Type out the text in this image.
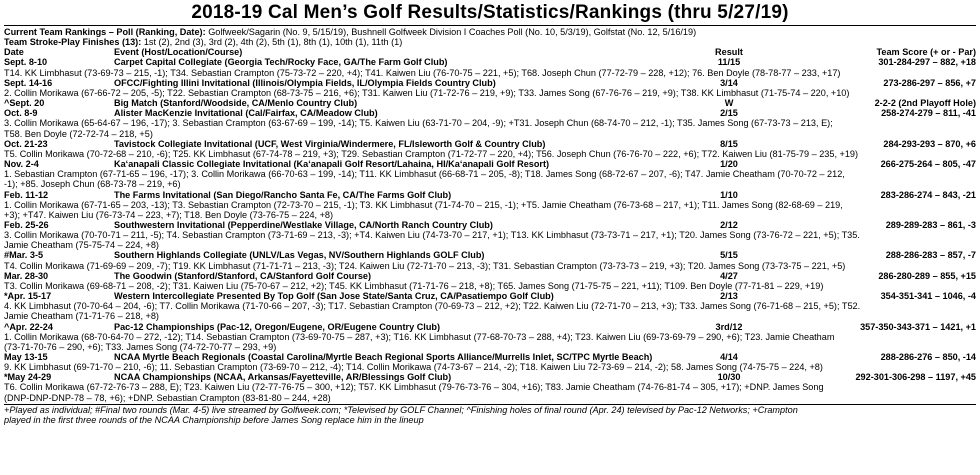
2018-19 Cal Men’s Golf Results/Statistics/Rankings (thru 5/27/19)
Current Team Rankings – Poll (Ranking, Date): Golfweek/Sagarin (No. 9, 5/15/19), Bushnell Golfweek Division I Coaches Poll (No. 10, 5/3/19), Golfstat (No. 12, 5/16/19)
Team Stroke-Play Finishes (13): 1st (2), 2nd (3), 3rd (2), 4th (2), 5th (1), 8th (1), 10th (1), 11th (1)
Date	Event (Host/Location/Course)	Result	Team Score (+ or - Par)
Sept. 8-10	Carpet Capital Collegiate (Georgia Tech/Rocky Face, GA/The Farm Golf Club)	11/15	301-284-297 – 882, +18
T14. KK Limbhasut (73-69-73 – 215, -1); T34. Sebastian Crampton (75-73-72 – 220, +4); T41. Kaiwen Liu (76-70-75 – 221, +5); T68. Joseph Chun (77-72-79 – 228, +12); 76. Ben Doyle (78-78-77 – 233, +17)
Sept. 14-16	OFCC/Fighting Illini Invitational (Illinois/Olympia Fields, IL/Olympia Fields Country Club)	3/14	273-286-297 – 856, +7
2. Collin Morikawa (67-66-72 – 205, -5); T22. Sebastian Crampton (68-73-75 – 216, +6); T31. Kaiwen Liu (71-72-76 – 219, +9); T33. James Song (67-76-76 – 219, +9); T38. KK Limbhasut (71-75-74 – 220, +10)
^Sept. 20	Big Match (Stanford/Woodside, CA/Menlo Country Club)	W	2-2-2 (2nd Playoff Hole)
Oct. 8-9	Alister MacKenzie Invitational (Cal/Fairfax, CA/Meadow Club)	2/15	258-274-279 – 811, -41
3. Collin Morikawa (65-64-67 – 196, -17); 3. Sebastian Crampton (63-67-69 – 199, -14); T5. Kaiwen Liu (63-71-70 – 204, -9); +T31. Joseph Chun (68-74-70 – 212, -1); T35. James Song (67-73-73 – 213, E);
T58. Ben Doyle (72-72-74 – 218, +5)
Oct. 21-23	Tavistock Collegiate Invitational (UCF, West Virginia/Windermere, FL/Isleworth Golf & Country Club)	8/15	284-293-293 – 870, +6
T5. Collin Morikawa (70-72-68 – 210, -6); T25. KK Limbhasut (67-74-78 – 219, +3); T29. Sebastian Crampton (71-72-77 – 220, +4); T56. Joseph Chun (76-76-70 – 222, +6); T72. Kaiwen Liu (81-75-79 – 235, +19)
Nov. 2-4	Ka‘anapali Classic Collegiate Invitational (Ka‘anapali Golf Resort/Lahaina, HI/Ka‘anapali Golf Resort)	1/20	266-275-264 – 805, -47
1. Sebastian Crampton (67-71-65 – 196, -17); 3. Collin Morikawa (66-70-63 – 199, -14); T11. KK Limbhasut (66-68-71 – 205, -8); T18. James Song (68-72-67 – 207, -6); T47. Jamie Cheatham (70-70-72 – 212,
-1); +85. Joseph Chun (68-73-78 – 219, +6)
Feb. 11-12	The Farms Invitational (San Diego/Rancho Santa Fe, CA/The Farms Golf Club)	1/10	283-286-274 – 843, -21
1. Collin Morikawa (67-71-65 – 203, -13); T3. Sebastian Crampton (72-73-70 – 215, -1); T3. KK Limbhasut (71-74-70 – 215, -1); +T5. Jamie Cheatham (76-73-68 – 217, +1); T11. James Song (82-68-69 – 219,
+3); +T47. Kaiwen Liu (76-73-74 – 223, +7); T18. Ben Doyle (73-76-75 – 224, +8)
Feb. 25-26	Southwestern Invitational (Pepperdine/Westlake Village, CA/North Ranch Country Club)	2/12	289-289-283 – 861, -3
3. Collin Morikawa (70-70-71 – 211, -5); T4. Sebastian Crampton (73-71-69 – 213, -3); +T4. Kaiwen Liu (74-73-70 – 217, +1); T13. KK Limbhasut (73-73-71 – 217, +1); T20. James Song (73-76-72 – 221, +5); T35.
Jamie Cheatham (75-75-74 – 224, +8)
#Mar. 3-5	Southern Highlands Collegiate (UNLV/Las Vegas, NV/Southern Highlands GOLF Club)	5/15	288-286-283 – 857, -7
T4. Collin Morikawa (71-69-69 – 209, -7); T19. KK Limbhasut (71-71-71 – 213, -3); T24. Kaiwen Liu (72-71-70 – 213, -3); T31. Sebastian Crampton (73-73-73 – 219, +3); T20. James Song (73-73-75 – 221, +5)
Mar. 28-30	The Goodwin (Stanford/Stanford, CA/Stanford Golf Course)	4/27	286-280-289 – 855, +15
T3. Collin Morikawa (69-68-71 – 208, -2); T31. Kaiwen Liu (75-70-67 – 212, +2); T45. KK Limbhasut (71-71-76 – 218, +8); T65. James Song (71-75-75 – 221, +11); T109. Ben Doyle (77-71-81 – 229, +19)
*Apr. 15-17	Western Intercollegiate Presented By Top Golf (San Jose State/Santa Cruz, CA/Pasatiempo Golf Club)	2/13	354-351-341 – 1046, -4
4. KK Limbhasut (70-70-64 – 204, -6); T7. Collin Morikawa (71-70-66 – 207, -3); T17. Sebastian Crampton (70-69-73 – 212, +2); T22. Kaiwen Liu (72-71-70 – 213, +3); T33. James Song (76-71-68 – 215, +5); T52.
Jamie Cheatham (71-71-76 – 218, +8)
^Apr. 22-24	Pac-12 Championships (Pac-12, Oregon/Eugene, OR/Eugene Country Club)	3rd/12	357-350-343-371 – 1421, +1
1. Collin Morikawa (68-70-64-70 – 272, -12); T14. Sebastian Crampton (73-69-70-75 – 287, +3); T16. KK Limbhasut (77-68-70-73 – 288, +4); T23. Kaiwen Liu (69-73-69-79 – 290, +6); T23. Jamie Cheatham
(73-71-70-76 – 290, +6); T33. James Song (74-72-70-77 – 293, +9)
May 13-15	NCAA Myrtle Beach Regionals (Coastal Carolina/Myrtle Beach Regional Sports Alliance/Murrells Inlet, SC/TPC Myrtle Beach)	4/14	288-286-276 – 850, -14
9. KK Limbhasut (69-71-70 – 210, -6); 11. Sebastian Crampton (73-69-70 – 212, -4); T14. Collin Morikawa (74-73-67 – 214, -2); T18. Kaiwen Liu 72-73-69 – 214, -2); 58. James Song (74-75-75 – 224, +8)
*May 24-29	NCAA Championships (NCAA, Arkansas/Fayetteville, AR/Blessings Golf Club)	10/30	292-301-306-298 – 1197, +45
T6. Collin Morikawa (67-72-76-73 – 288, E); T23. Kaiwen Liu (72-77-76-75 – 300, +12); T57. KK Limbhasut (79-76-73-76 – 304, +16); T83. Jamie Cheatham (74-76-81-74 – 305, +17); +DNP. James Song
(DNP-DNP-DNP-78 – 78, +6); +DNP. Sebastian Crampton (83-81-80 – 244, +28)
+Played as individual; #Final two rounds (Mar. 4-5) live streamed by Golfweek.com; *Televised by GOLF Channel; ^Finishing holes of final round (Apr. 24) televised by Pac-12 Networks; +Crampton
played in the first three rounds of the NCAA Championship before James Song replace him in the lineup
